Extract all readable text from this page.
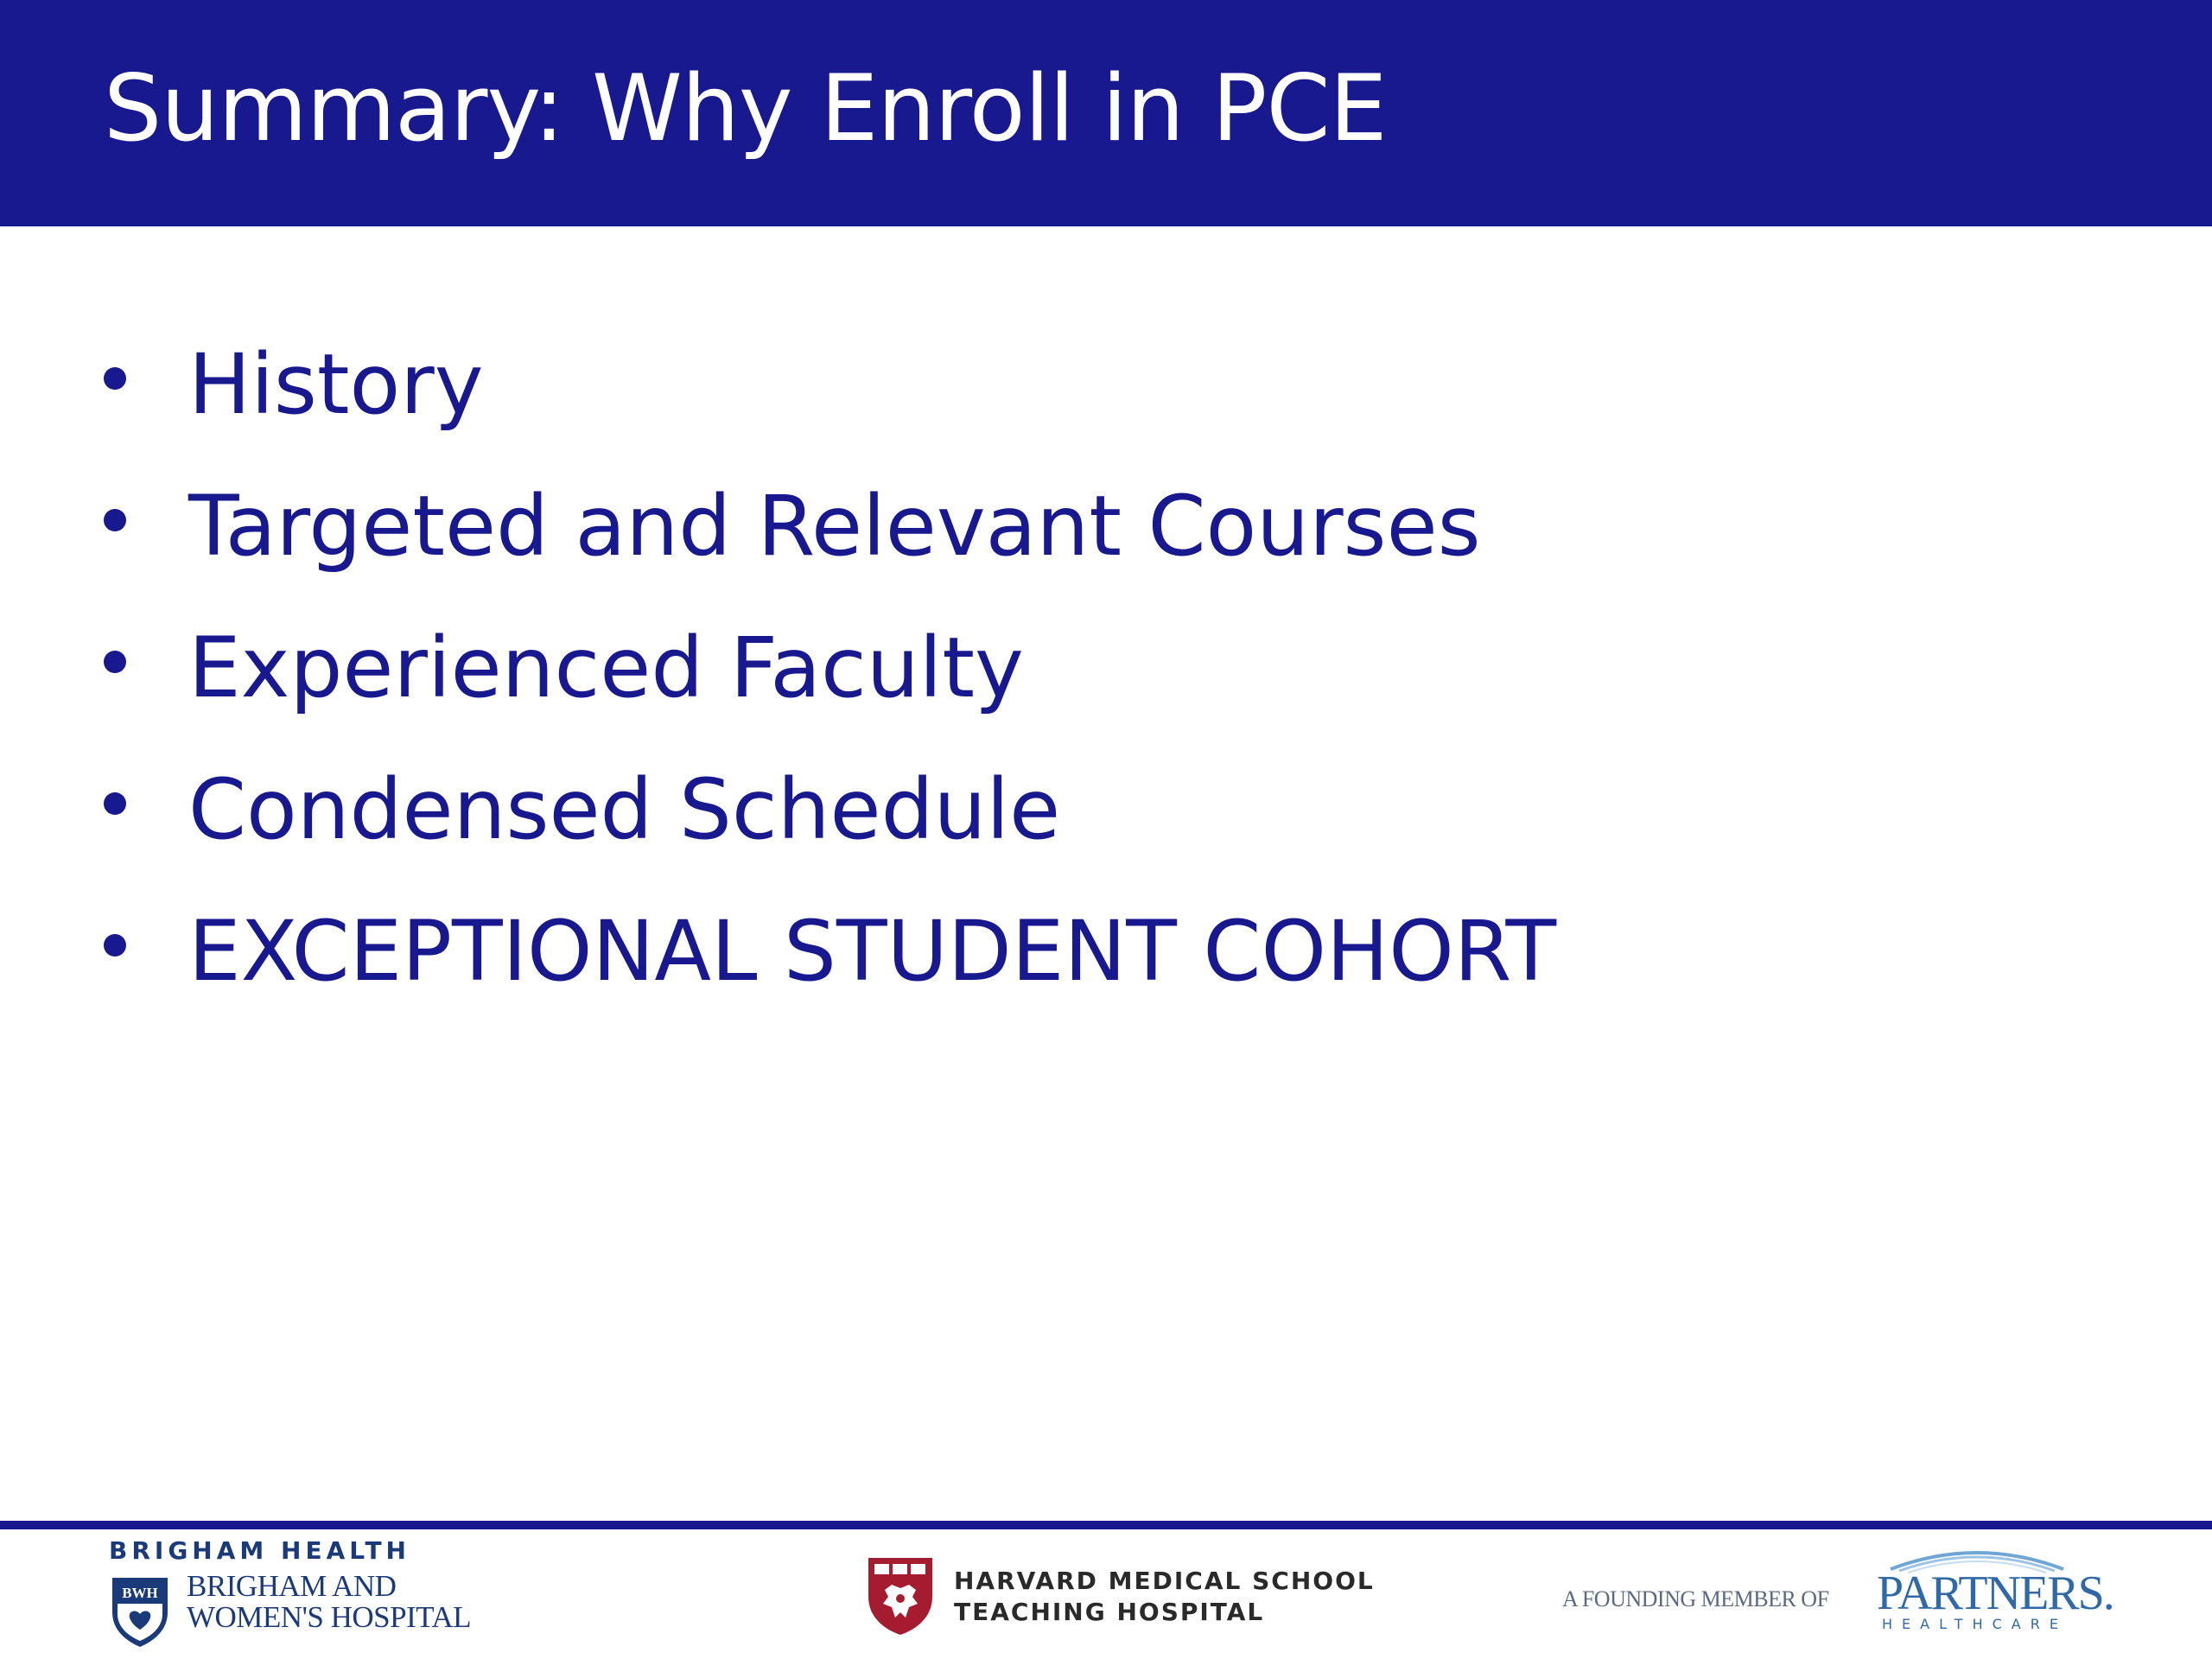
Summary: Why Enroll in PCE
History
Targeted and Relevant Courses
Experienced Faculty
Condensed Schedule
EXCEPTIONAL STUDENT COHORT
BRIGHAM HEALTH
BWH BRIGHAM AND
WOMEN'S HOSPITAL
HARVARD MEDICAL SCHOOL
TEACHING HOSPITAL	A FOUNDING MEMBER OF PARTNERS.
HEALTHCARE
